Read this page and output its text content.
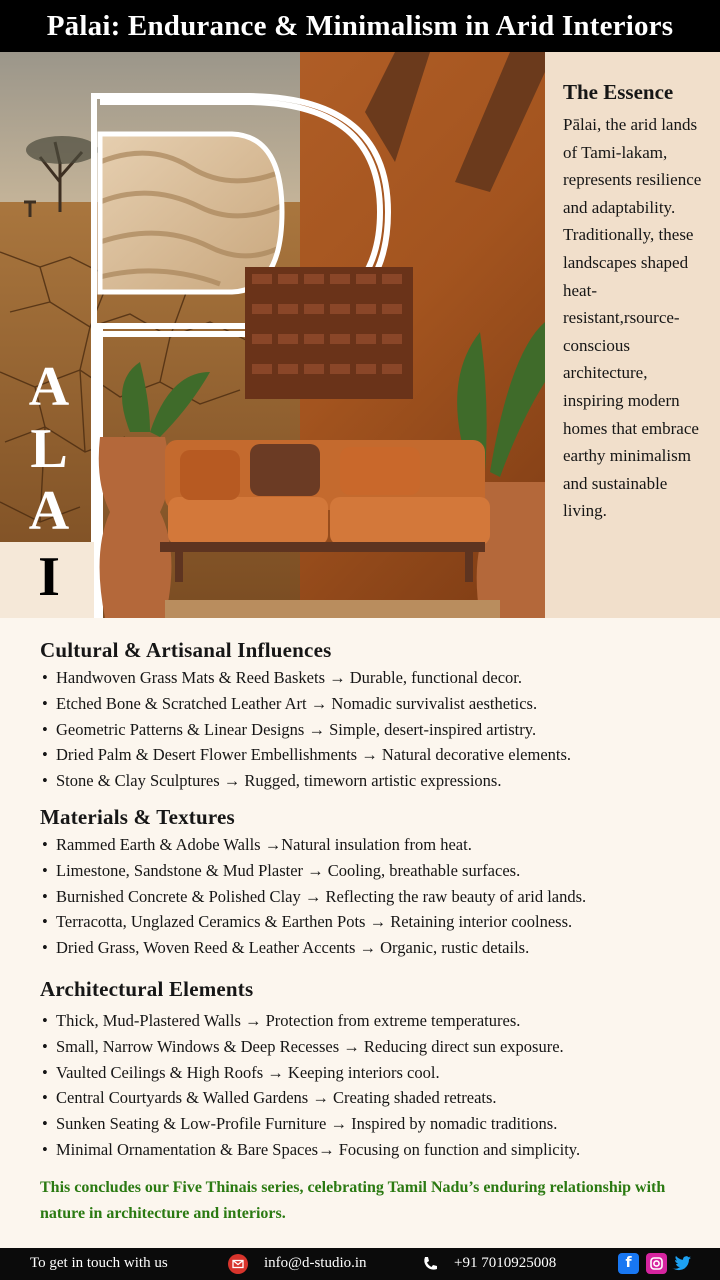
Pālai: Endurance & Minimalism in Arid Interiors
A
L
A
I
The Essence

Pālai, the arid lands of Tami-lakam, represents resilience and adaptability. Traditionally, these landscapes shaped heat-resistant,rsource-conscious architecture, inspiring modern homes that embrace earthy minimalism and sustainable living.

Cultural & Artisanal Influences
• Handwoven Grass Mats & Reed Baskets → Durable, functional decor.
• Etched Bone & Scratched Leather Art → Nomadic survivalist aesthetics.
• Geometric Patterns & Linear Designs → Simple, desert-inspired artistry.
• Dried Palm & Desert Flower Embellishments → Natural decorative elements.
• Stone & Clay Sculptures → Rugged, timeworn artistic expressions.
Materials & Textures
• Rammed Earth & Adobe Walls →Natural insulation from heat.
• Limestone, Sandstone & Mud Plaster → Cooling, breathable surfaces.
• Burnished Concrete & Polished Clay → Reflecting the raw beauty of arid lands.
• Terracotta, Unglazed Ceramics & Earthen Pots → Retaining interior coolness.
• Dried Grass, Woven Reed & Leather Accents → Organic, rustic details.
Architectural Elements
• Thick, Mud-Plastered Walls → Protection from extreme temperatures.
• Small, Narrow Windows & Deep Recesses → Reducing direct sun exposure.
• Vaulted Ceilings & High Roofs → Keeping interiors cool.
• Central Courtyards & Walled Gardens → Creating shaded retreats.
• Sunken Seating & Low-Profile Furniture → Inspired by nomadic traditions.
• Minimal Ornamentation & Bare Spaces→ Focusing on function and simplicity.

This concludes our Five Thinais series, celebrating Tamil Nadu’s enduring relationship with nature in architecture and interiors.

To get in touch with us	info@d-studio.in	+91 7010925008	f
